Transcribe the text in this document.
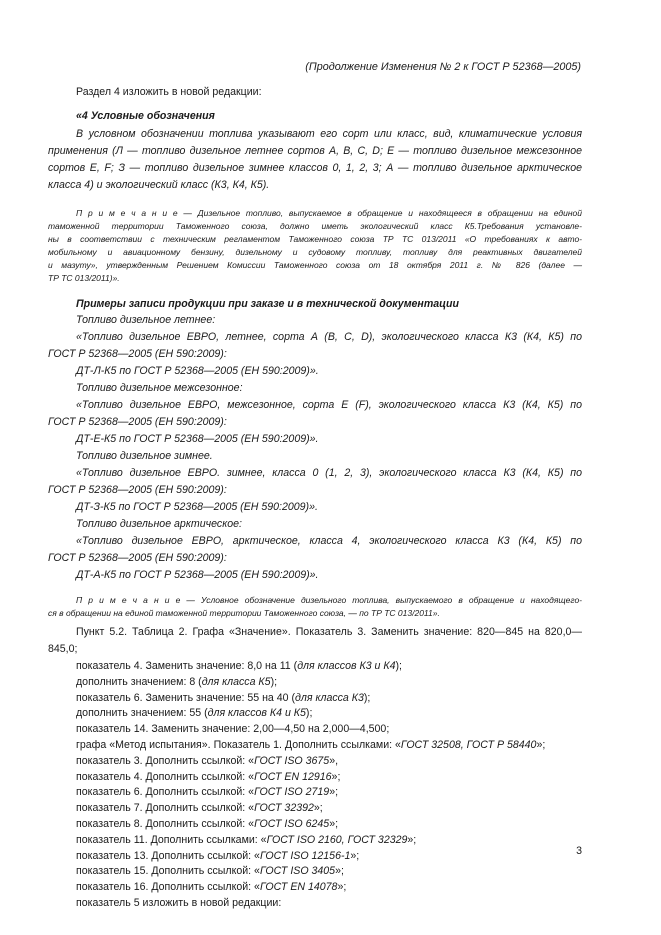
(Продолжение Изменения № 2 к ГОСТ Р 52368—2005)
Раздел 4 изложить в новой редакции:
«4 Условные обозначения
В условном обозначении топлива указывают его сорт или класс, вид, климатические условия
применения (Л — топливо дизельное летнее сортов А, В, С, D; Е — топливо дизельное межсезонное
сортов Е, F; З — топливо дизельное зимнее классов 0, 1, 2, 3; А — топливо дизельное арктическое
класса 4) и экологический класс (К3, К4, К5).
П р и м е ч а н и е — Дизельное топливо, выпускаемое в обращение и находящееся в обращении на единой
таможенной территории Таможенного союза, должно иметь экологический класс К5.Требования установле-
ны в соответствии с техническим регламентом Таможенного союза ТР ТС 013/2011 «О требованиях к авто-
мобильному и авиационному бензину, дизельному и судовому топливу, топливу для реактивных двигателей
и мазуту», утвержденным Решением Комиссии Таможенного союза от 18 октября 2011 г. № 826 (далее —
ТР ТС 013/2011)».
Примеры записи продукции при заказе и в технической документации
Топливо дизельное летнее:
«Топливо дизельное ЕВРО, летнее, сорта А (В, С, D), экологического класса К3 (К4, К5) по
ГОСТ Р 52368—2005 (ЕН 590:2009):
ДТ-Л-К5 по ГОСТ Р 52368—2005 (ЕН 590:2009)».
Топливо дизельное межсезонное:
«Топливо дизельное ЕВРО, межсезонное, сорта Е (F), экологического класса К3 (К4, К5) по
ГОСТ Р 52368—2005 (ЕН 590:2009):
ДТ-Е-К5 по ГОСТ Р 52368—2005 (ЕН 590:2009)».
Топливо дизельное зимнее.
«Топливо дизельное ЕВРО. зимнее, класса 0 (1, 2, 3), экологического класса К3 (К4, К5) по
ГОСТ Р 52368—2005 (ЕН 590:2009):
ДТ-З-К5 по ГОСТ Р 52368—2005 (ЕН 590:2009)».
Топливо дизельное арктическое:
«Топливо дизельное ЕВРО, арктическое, класса 4, экологического класса К3 (К4, К5) по
ГОСТ Р 52368—2005 (ЕН 590:2009):
ДТ-А-К5 по ГОСТ Р 52368—2005 (ЕН 590:2009)».
П р и м е ч а н и е — Условное обозначение дизельного топлива, выпускаемого в обращение и находящего-
ся в обращении на единой таможенной территории Таможенного союза, — по ТР ТС 013/2011».
Пункт 5.2. Таблица 2. Графа «Значение». Показатель 3. Заменить значение: 820—845 на 820,0—
845,0;
показатель 4. Заменить значение: 8,0 на 11 (для классов К3 и К4);
дополнить значением: 8 (для класса К5);
показатель 6. Заменить значение: 55 на 40 (для класса К3);
дополнить значением: 55 (для классов К4 и К5);
показатель 14. Заменить значение: 2,00—4,50 на 2,000—4,500;
графа «Метод испытания». Показатель 1. Дополнить ссылками: «ГОСТ 32508, ГОСТ Р 58440»;
показатель 3. Дополнить ссылкой: «ГОСТ ISO 3675»,
показатель 4. Дополнить ссылкой: «ГОСТ EN 12916»;
показатель 6. Дополнить ссылкой: «ГОСТ ISO 2719»;
показатель 7. Дополнить ссылкой: «ГОСТ 32392»;
показатель 8. Дополнить ссылкой: «ГОСТ ISO 6245»;
показатель 11. Дополнить ссылками: «ГОСТ ISO 2160, ГОСТ 32329»;
показатель 13. Дополнить ссылкой: «ГОСТ ISO 12156-1»;
показатель 15. Дополнить ссылкой: «ГОСТ ISO 3405»;
показатель 16. Дополнить ссылкой: «ГОСТ EN 14078»;
показатель 5 изложить в новой редакции:
3
